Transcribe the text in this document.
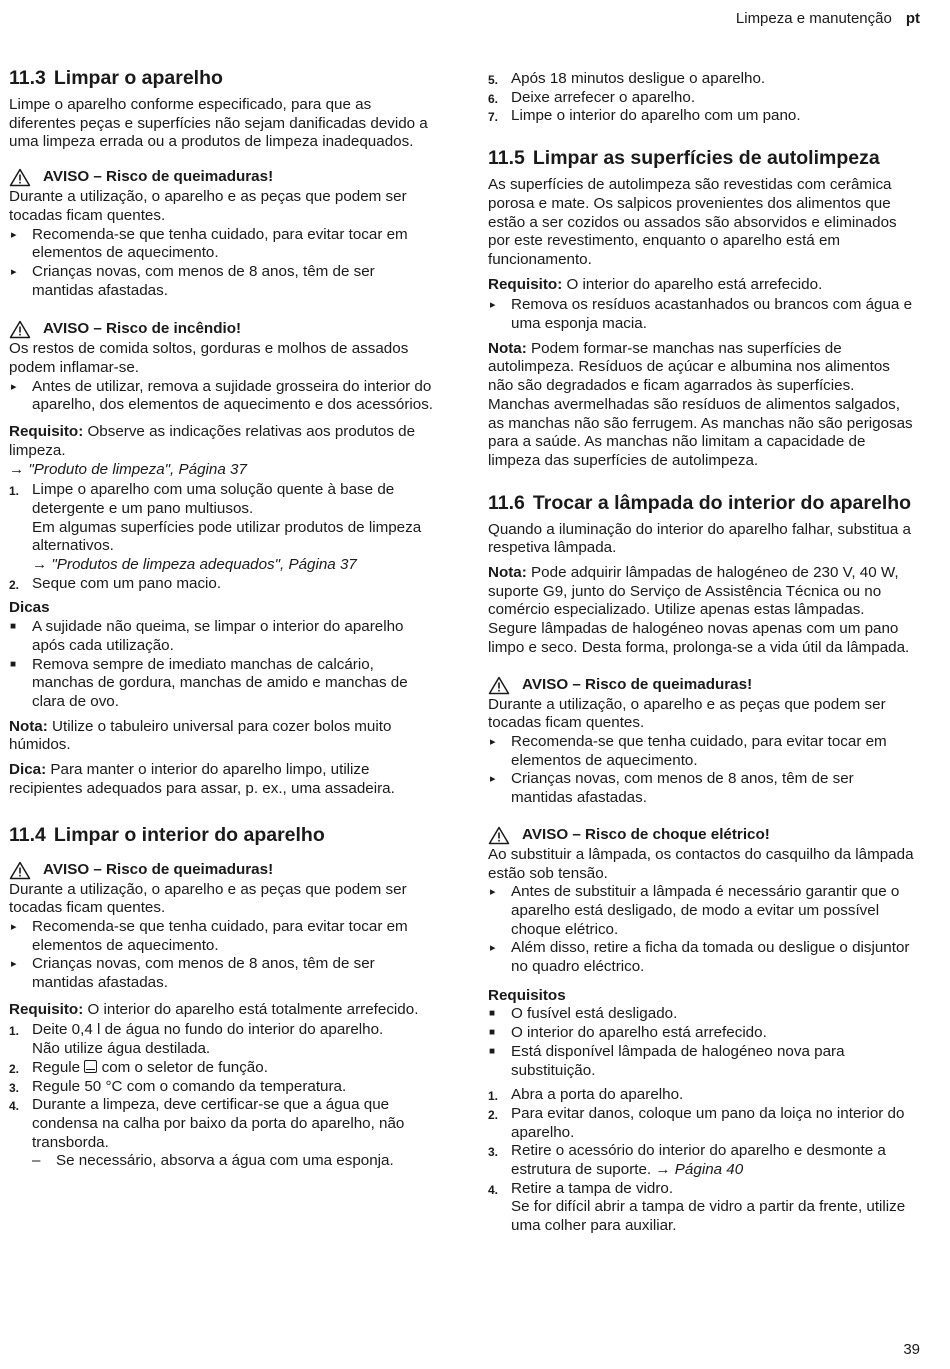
Limpeza e manutenção pt
11.3 Limpar o aparelho

Limpe o aparelho conforme especificado, para que as diferentes peças e superfícies não sejam danificadas devido a uma limpeza errada ou a produtos de limpeza inadequados.

AVISO – Risco de queimaduras!

Durante a utilização, o aparelho e as peças que podem ser tocadas ficam quentes.

▸ Recomenda-se que tenha cuidado, para evitar tocar em elementos de aquecimento.
▸ Crianças novas, com menos de 8 anos, têm de ser mantidas afastadas.
AVISO – Risco de incêndio!

Os restos de comida soltos, gorduras e molhos de assados podem inflamar-se.

▸ Antes de utilizar, remova a sujidade grosseira do interior do aparelho, dos elementos de aquecimento e dos acessórios.

Requisito: Observe as indicações relativas aos produtos de limpeza.

→ "Produto de limpeza", Página 37

1. Limpe o aparelho com uma solução quente à base de detergente e um pano multiusos.
Em algumas superfícies pode utilizar produtos de limpeza alternativos.
→ "Produtos de limpeza adequados", Página 37
2. Seque com um pano macio.
Dicas
■ A sujidade não queima, se limpar o interior do aparelho após cada utilização.
■ Remova sempre de imediato manchas de calcário, manchas de gordura, manchas de amido e manchas de clara de ovo.

Nota: Utilize o tabuleiro universal para cozer bolos muito húmidos.

Dica: Para manter o interior do aparelho limpo, utilize recipientes adequados para assar, p. ex., uma assadeira.

11.4 Limpar o interior do aparelho
AVISO – Risco de queimaduras!

Durante a utilização, o aparelho e as peças que podem ser tocadas ficam quentes.

▸ Recomenda-se que tenha cuidado, para evitar tocar em elementos de aquecimento.
▸ Crianças novas, com menos de 8 anos, têm de ser mantidas afastadas.

Requisito: O interior do aparelho está totalmente arrefecido.

1. Deite 0,4 l de água no fundo do interior do aparelho.
Não utilize água destilada.
2. Regule com o seletor de função.
3. Regule 50 °C com o comando da temperatura.
4. Durante a limpeza, deve certificar-se que a água que condensa na calha por baixo da porta do aparelho, não transborda.
– Se necessário, absorva a água com uma esponja.
5. Após 18 minutos desligue o aparelho.
6. Deixe arrefecer o aparelho.
7. Limpe o interior do aparelho com um pano.
11.5 Limpar as superfícies de autolimpeza

As superfícies de autolimpeza são revestidas com cerâmica porosa e mate. Os salpicos provenientes dos alimentos que estão a ser cozidos ou assados são absorvidos e eliminados por este revestimento, enquanto o aparelho está em funcionamento.

Requisito: O interior do aparelho está arrefecido.

▸ Remova os resíduos acastanhados ou brancos com água e uma esponja macia.

Nota: Podem formar-se manchas nas superfícies de autolimpeza. Resíduos de açúcar e albumina nos alimentos não são degradados e ficam agarrados às superfícies. Manchas avermelhadas são resíduos de alimentos salgados, as manchas não são ferrugem. As manchas não são perigosas para a saúde. As manchas não limitam a capacidade de limpeza das superfícies de autolimpeza.

11.6 Trocar a lâmpada do interior do aparelho

Quando a iluminação do interior do aparelho falhar, substitua a respetiva lâmpada.

Nota: Pode adquirir lâmpadas de halogéneo de 230 V, 40 W, suporte G9, junto do Serviço de Assistência Técnica ou no comércio especializado. Utilize apenas estas lâmpadas. Segure lâmpadas de halogéneo novas apenas com um pano limpo e seco. Desta forma, prolonga-se a vida útil da lâmpada.

AVISO – Risco de queimaduras!

Durante a utilização, o aparelho e as peças que podem ser tocadas ficam quentes.

▸ Recomenda-se que tenha cuidado, para evitar tocar em elementos de aquecimento.
▸ Crianças novas, com menos de 8 anos, têm de ser mantidas afastadas.
AVISO – Risco de choque elétrico!

Ao substituir a lâmpada, os contactos do casquilho da lâmpada estão sob tensão.

▸ Antes de substituir a lâmpada é necessário garantir que o aparelho está desligado, de modo a evitar um possível choque elétrico.
▸ Além disso, retire a ficha da tomada ou desligue o disjuntor no quadro eléctrico.
Requisitos
■ O fusível está desligado.
■ O interior do aparelho está arrefecido.
■ Está disponível lâmpada de halogéneo nova para substituição.
1. Abra a porta do aparelho.
2. Para evitar danos, coloque um pano da loiça no interior do aparelho.
3. Retire o acessório do interior do aparelho e desmonte a estrutura de suporte. → Página 40
4. Retire a tampa de vidro.
Se for difícil abrir a tampa de vidro a partir da frente, utilize uma colher para auxiliar.
39
